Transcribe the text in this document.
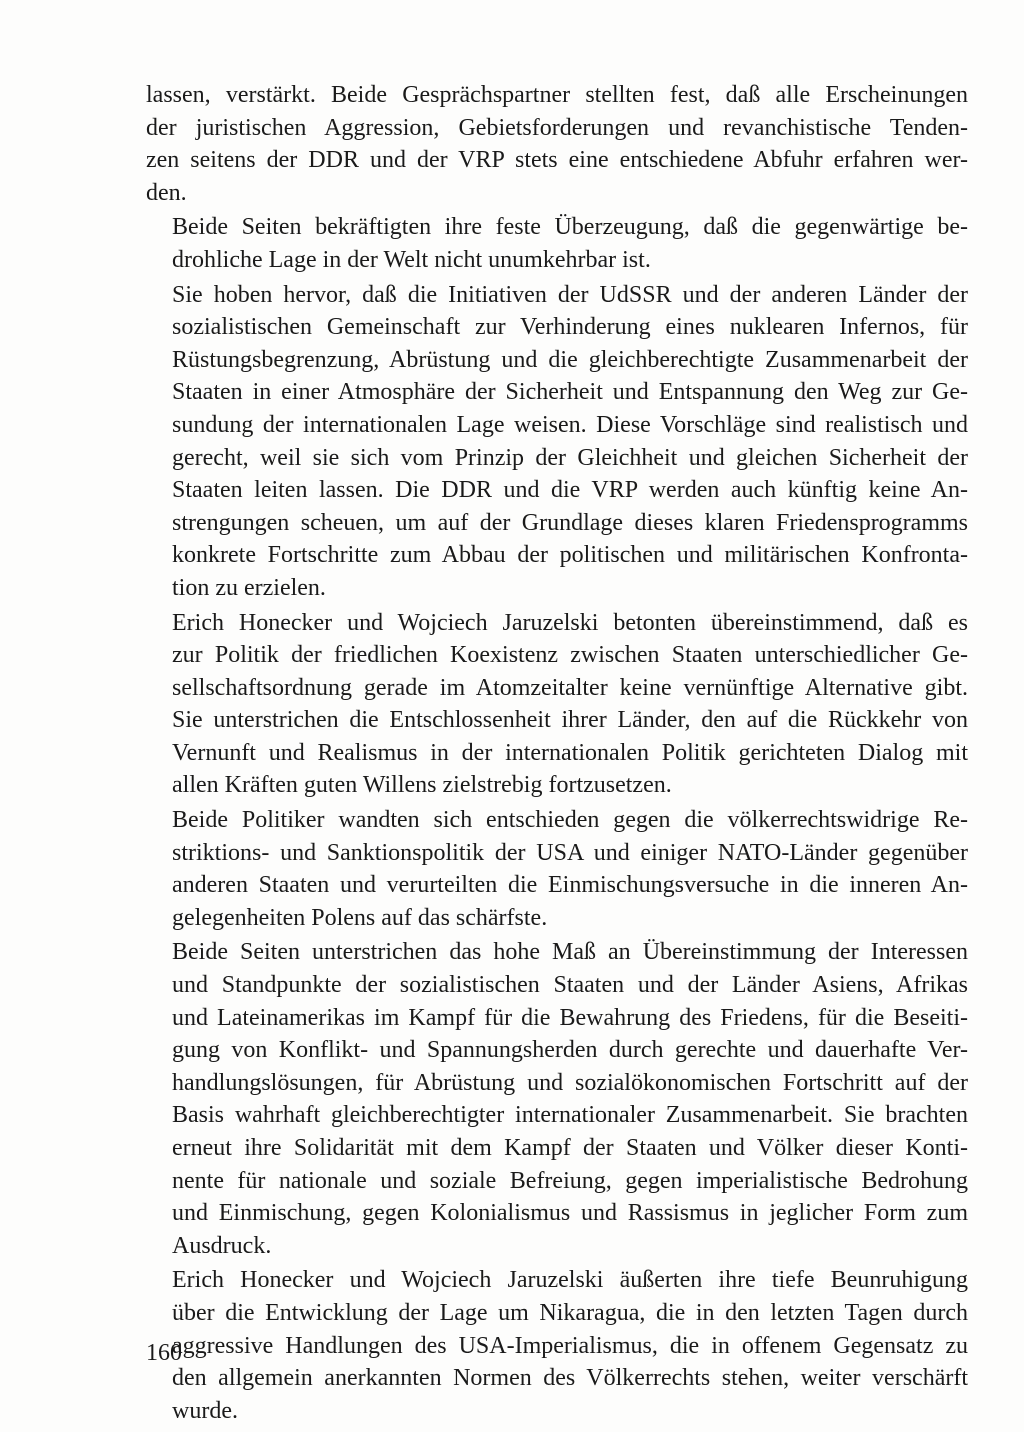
lassen, verstärkt. Beide Gesprächspartner stellten fest, daß alle Erscheinungen
der juristischen Aggression, Gebietsforderungen und revanchistische Tenden-
zen seitens der DDR und der VRP stets eine entschiedene Abfuhr erfahren wer-
den.
Beide Seiten bekräftigten ihre feste Überzeugung, daß die gegenwärtige be-
drohliche Lage in der Welt nicht unumkehrbar ist.
Sie hoben hervor, daß die Initiativen der UdSSR und der anderen Länder der
sozialistischen Gemeinschaft zur Verhinderung eines nuklearen Infernos, für
Rüstungsbegrenzung, Abrüstung und die gleichberechtigte Zusammenarbeit der
Staaten in einer Atmosphäre der Sicherheit und Entspannung den Weg zur Ge-
sundung der internationalen Lage weisen. Diese Vorschläge sind realistisch und
gerecht, weil sie sich vom Prinzip der Gleichheit und gleichen Sicherheit der
Staaten leiten lassen. Die DDR und die VRP werden auch künftig keine An-
strengungen scheuen, um auf der Grundlage dieses klaren Friedensprogramms
konkrete Fortschritte zum Abbau der politischen und militärischen Konfronta-
tion zu erzielen.
Erich Honecker und Wojciech Jaruzelski betonten übereinstimmend, daß es
zur Politik der friedlichen Koexistenz zwischen Staaten unterschiedlicher Ge-
sellschaftsordnung gerade im Atomzeitalter keine vernünftige Alternative gibt.
Sie unterstrichen die Entschlossenheit ihrer Länder, den auf die Rückkehr von
Vernunft und Realismus in der internationalen Politik gerichteten Dialog mit
allen Kräften guten Willens zielstrebig fortzusetzen.
Beide Politiker wandten sich entschieden gegen die völkerrechtswidrige Re-
striktions- und Sanktionspolitik der USA und einiger NATO-Länder gegenüber
anderen Staaten und verurteilten die Einmischungsversuche in die inneren An-
gelegenheiten Polens auf das schärfste.
Beide Seiten unterstrichen das hohe Maß an Übereinstimmung der Interessen
und Standpunkte der sozialistischen Staaten und der Länder Asiens, Afrikas
und Lateinamerikas im Kampf für die Bewahrung des Friedens, für die Beseiti-
gung von Konflikt- und Spannungsherden durch gerechte und dauerhafte Ver-
handlungslösungen, für Abrüstung und sozialökonomischen Fortschritt auf der
Basis wahrhaft gleichberechtigter internationaler Zusammenarbeit. Sie brachten
erneut ihre Solidarität mit dem Kampf der Staaten und Völker dieser Konti-
nente für nationale und soziale Befreiung, gegen imperialistische Bedrohung
und Einmischung, gegen Kolonialismus und Rassismus in jeglicher Form zum
Ausdruck.
Erich Honecker und Wojciech Jaruzelski äußerten ihre tiefe Beunruhigung
über die Entwicklung der Lage um Nikaragua, die in den letzten Tagen durch
aggressive Handlungen des USA-Imperialismus, die in offenem Gegensatz zu
den allgemein anerkannten Normen des Völkerrechts stehen, weiter verschärft
wurde.
160
